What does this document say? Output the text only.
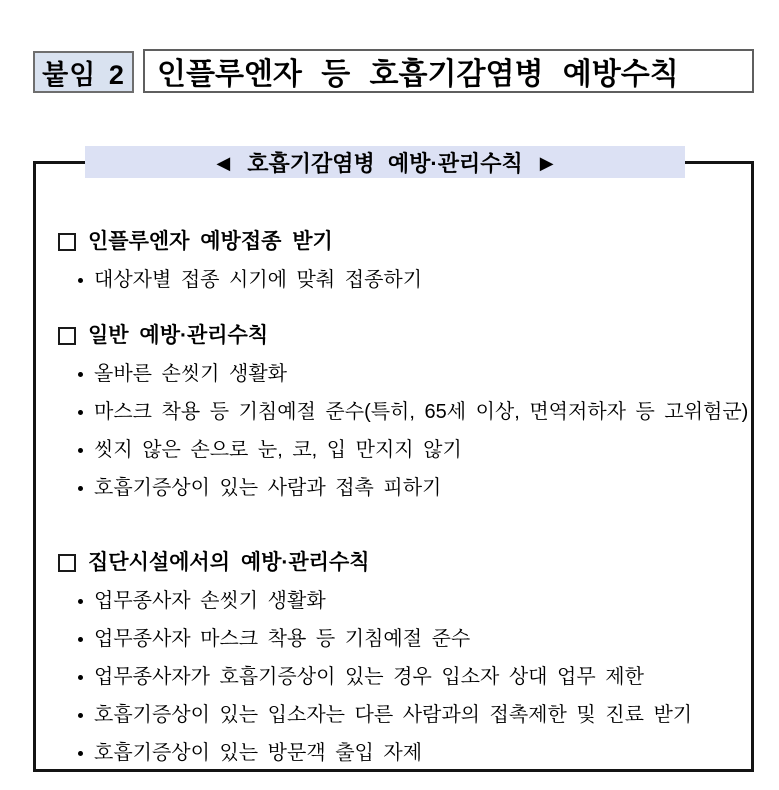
붙임 2 인플루엔자 등 호흡기감염병 예방수칙
◀ 호흡기감염병 예방·관리수칙 ▶
인플루엔자 예방접종 받기
대상자별 접종 시기에 맞춰 접종하기
일반 예방·관리수칙
올바른 손씻기 생활화
마스크 착용 등 기침예절 준수(특히, 65세 이상, 면역저하자 등 고위험군)
씻지 않은 손으로 눈, 코, 입 만지지 않기
호흡기증상이 있는 사람과 접촉 피하기
집단시설에서의 예방·관리수칙
업무종사자 손씻기 생활화
업무종사자 마스크 착용 등 기침예절 준수
업무종사자가 호흡기증상이 있는 경우 입소자 상대 업무 제한
호흡기증상이 있는 입소자는 다른 사람과의 접촉제한 및 진료 받기
호흡기증상이 있는 방문객 출입 자제
